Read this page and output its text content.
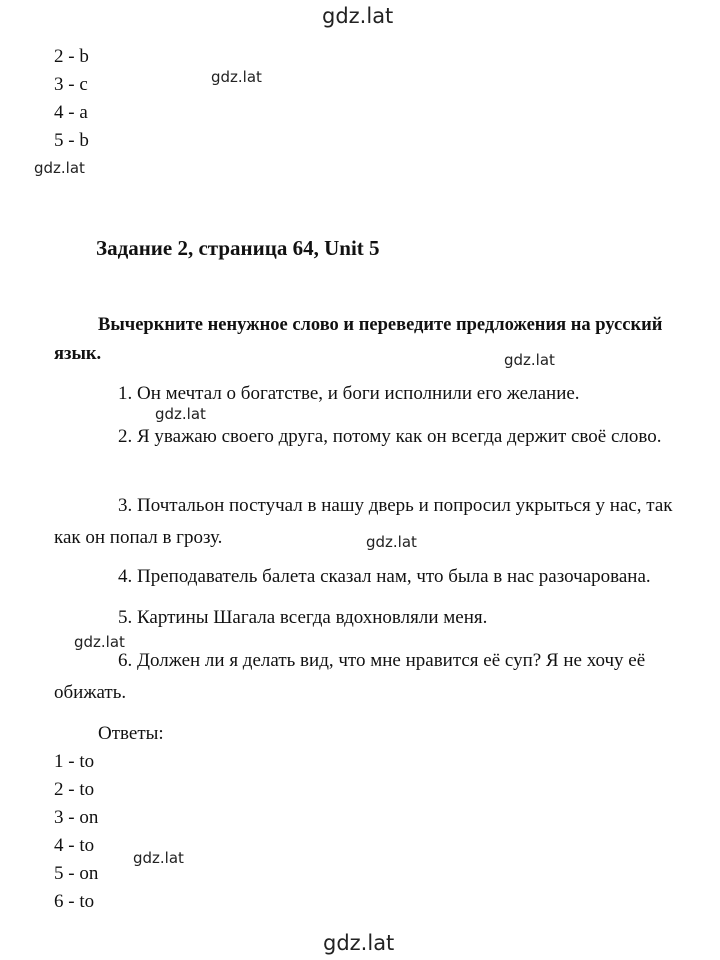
gdz.lat
gdz.lat
gdz.lat
gdz.lat
gdz.lat
gdz.lat
gdz.lat
gdz.lat
gdz.lat
2 - b
3 - c
4 - a
5 - b
Задание 2, страница 64, Unit 5
Вычеркните ненужное слово и переведите предложения на русский язык.
1. Он мечтал о богатстве, и боги исполнили его желание.
2. Я уважаю своего друга, потому как он всегда держит своё слово.
3. Почтальон постучал в нашу дверь и попросил укрыться у нас, так как он попал в грозу.
4. Преподаватель балета сказал нам, что была в нас разочарована.
5. Картины Шагала всегда вдохновляли меня.
6. Должен ли я делать вид, что мне нравится её суп? Я не хочу её обижать.
Ответы:
1 - to
2 - to
3 - on
4 - to
5 - on
6 - to
